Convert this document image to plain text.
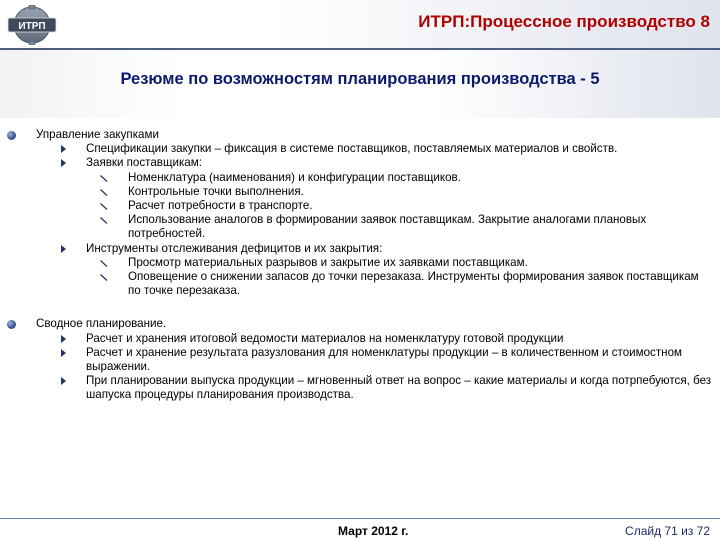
ИТРП	ИТРП:Процессное производство 8
Резюме по возможностям планирования производства - 5
Управление закупками
Спецификации закупки – фиксация в системе поставщиков, поставляемых материалов и свойств.
Заявки поставщикам:
Номенклатура (наименования) и конфигурации поставщиков.
Контрольные точки выполнения.
Расчет потребности в транспорте.
Использование аналогов в формировании заявок поставщикам. Закрытие аналогами плановых потребностей.
Инструменты отслеживания дефицитов и их закрытия:
Просмотр материальных разрывов и закрытие их заявками поставщикам.
Оповещение о снижении запасов до точки перезаказа. Инструменты формирования заявок поставщикам по точке перезаказа.
Сводное планирование.
Расчет и хранения итоговой ведомости материалов на номенклатуру готовой продукции
Расчет и хранение результата разузлования для номенклатуры продукции – в количественном и стоимостном выражении.
При планировании выпуска продукции – мгновенный ответ на вопрос – какие материалы и когда потрпебуются, без шапуска процедуры планирования производства.
Март 2012 г.	Слайд 71 из 72
